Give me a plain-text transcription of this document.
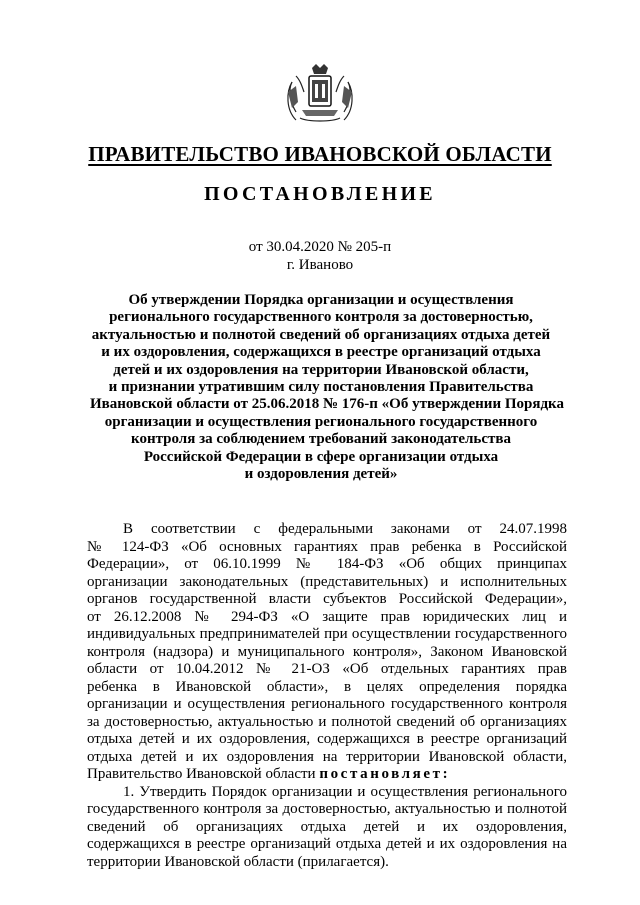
ПРАВИТЕЛЬСТВО ИВАНОВСКОЙ ОБЛАСТИ
ПОСТАНОВЛЕНИЕ
от 30.04.2020 № 205-п
г. Иваново
Об утверждении Порядка организации и осуществления
регионального государственного контроля за достоверностью,
актуальностью и полнотой сведений об организациях отдыха детей
и их оздоровления, содержащихся в реестре организаций отдыха
детей и их оздоровления на территории Ивановской области,
и признании утратившим силу постановления Правительства
Ивановской области от 25.06.2018 № 176-п «Об утверждении Порядка
организации и осуществления регионального государственного
контроля за соблюдением требований законодательства
Российской Федерации в сфере организации отдыха
и оздоровления детей»
В соответствии с федеральными законами от 24.07.1998
№ 124-ФЗ «Об основных гарантиях прав ребенка в Российской
Федерации», от 06.10.1999 № 184-ФЗ «Об общих принципах
организации законодательных (представительных) и исполнительных
органов государственной власти субъектов Российской Федерации»,
от 26.12.2008 № 294-ФЗ «О защите прав юридических лиц и
индивидуальных предпринимателей при осуществлении государственного
контроля (надзора) и муниципального контроля», Законом Ивановской
области от 10.04.2012 № 21-ОЗ «Об отдельных гарантиях прав
ребенка в Ивановской области», в целях определения порядка
организации и осуществления регионального государственного контроля
за достоверностью, актуальностью и полнотой сведений об организациях
отдыха детей и их оздоровления, содержащихся в реестре организаций
отдыха детей и их оздоровления на территории Ивановской области,
Правительство Ивановской области постановляет:
1. Утвердить Порядок организации и осуществления регионального
государственного контроля за достоверностью, актуальностью и полнотой
сведений об организациях отдыха детей и их оздоровления,
содержащихся в реестре организаций отдыха детей и их оздоровления на
территории Ивановской области (прилагается).
